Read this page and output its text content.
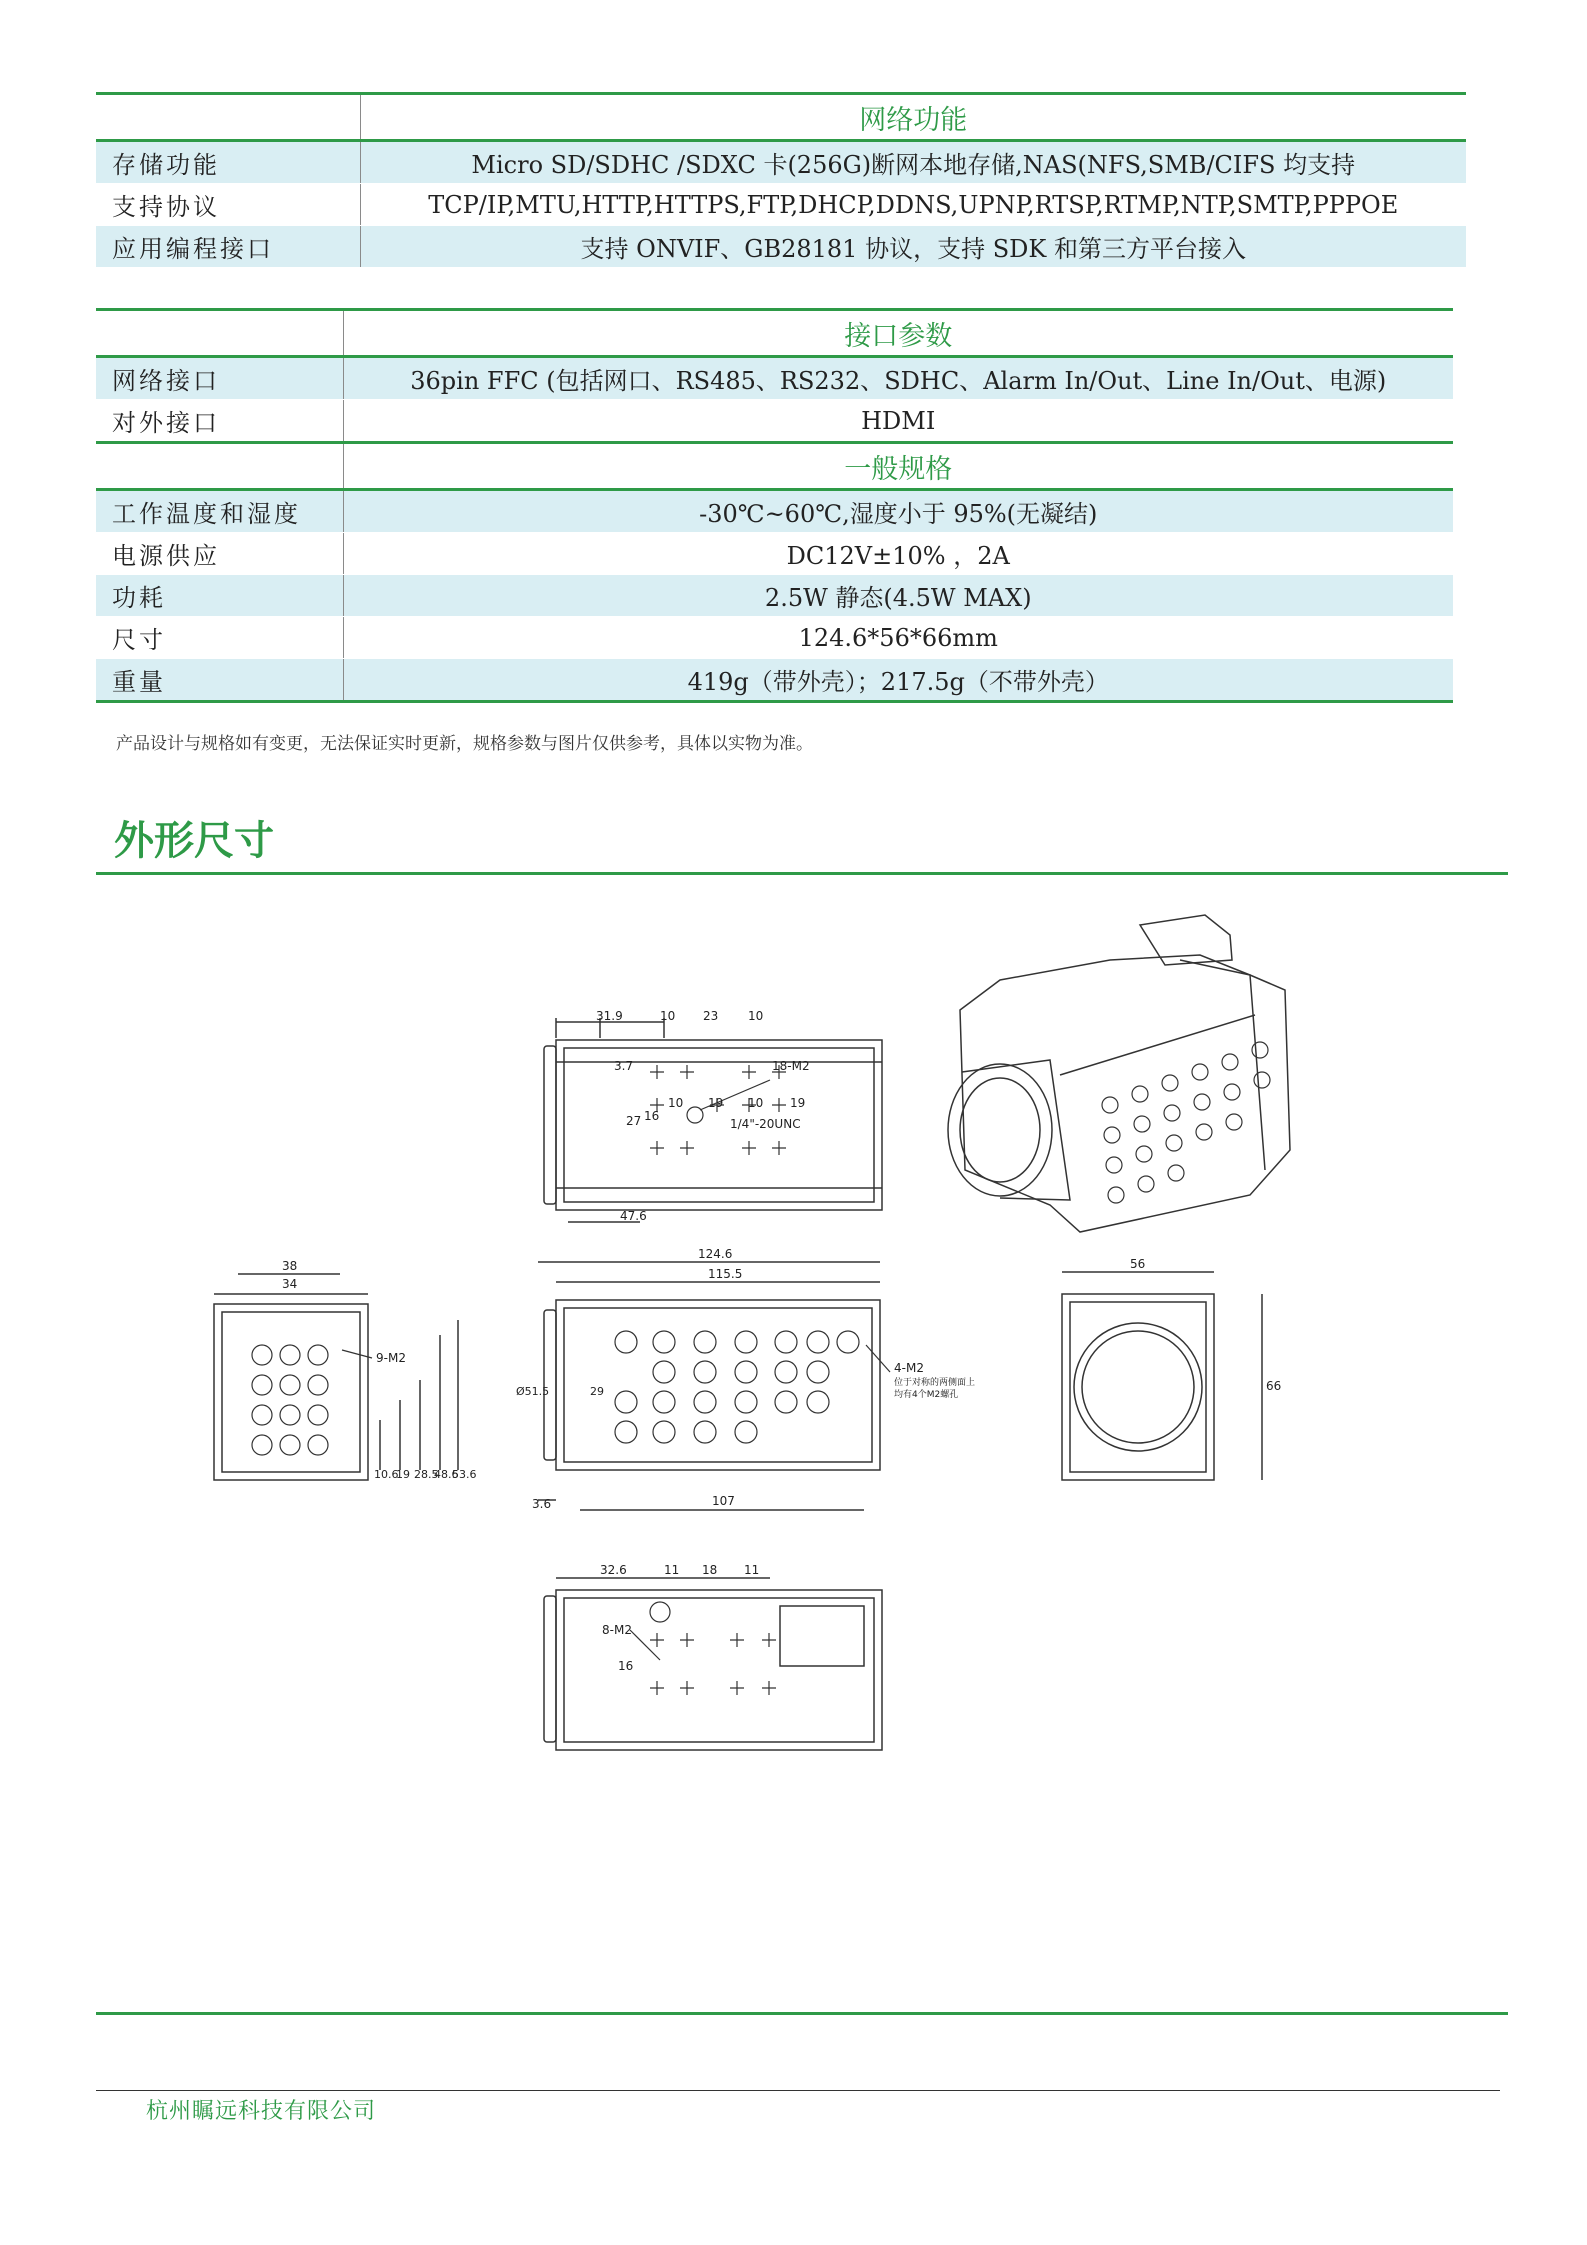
	网络功能
存储功能	Micro SD/SDHC /SDXC 卡(256G)断网本地存储,NAS(NFS,SMB/CIFS 均支持
支持协议	TCP/IP,MTU,HTTP,HTTPS,FTP,DHCP,DDNS,UPNP,RTSP,RTMP,NTP,SMTP,PPPOE
应用编程接口	支持 ONVIF、GB28181 协议，支持 SDK 和第三方平台接入
	接口参数
网络接口	36pin FFC (包括网口、RS485、RS232、SDHC、Alarm In/Out、Line In/Out、电源)
对外接口	HDMI
	一般规格
工作温度和湿度	-30℃~60℃,湿度小于 95%(无凝结)
电源供应	DC12V±10% ，2A
功耗	2.5W 静态(4.5W MAX)
尺寸	124.6*56*66mm
重量	419g（带外壳）；217.5g（不带外壳）
产品设计与规格如有变更，无法保证实时更新，规格参数与图片仅供参考，具体以实物为准。
外形尺寸
31.9	10 23 10
3.7	18-M2
10 19 10 19
27 16
1/4"-20UNC
47.6
38
34
9-M2
10.6
19 28.5
48.6
53.6
124.6
115.5
4-M2
位于对称的两侧面上
均有4个M2螺孔
Ø51.5	29
3.6	107
56
66
32.6	11 18 11
8-M2
16
杭州瞩远科技有限公司
